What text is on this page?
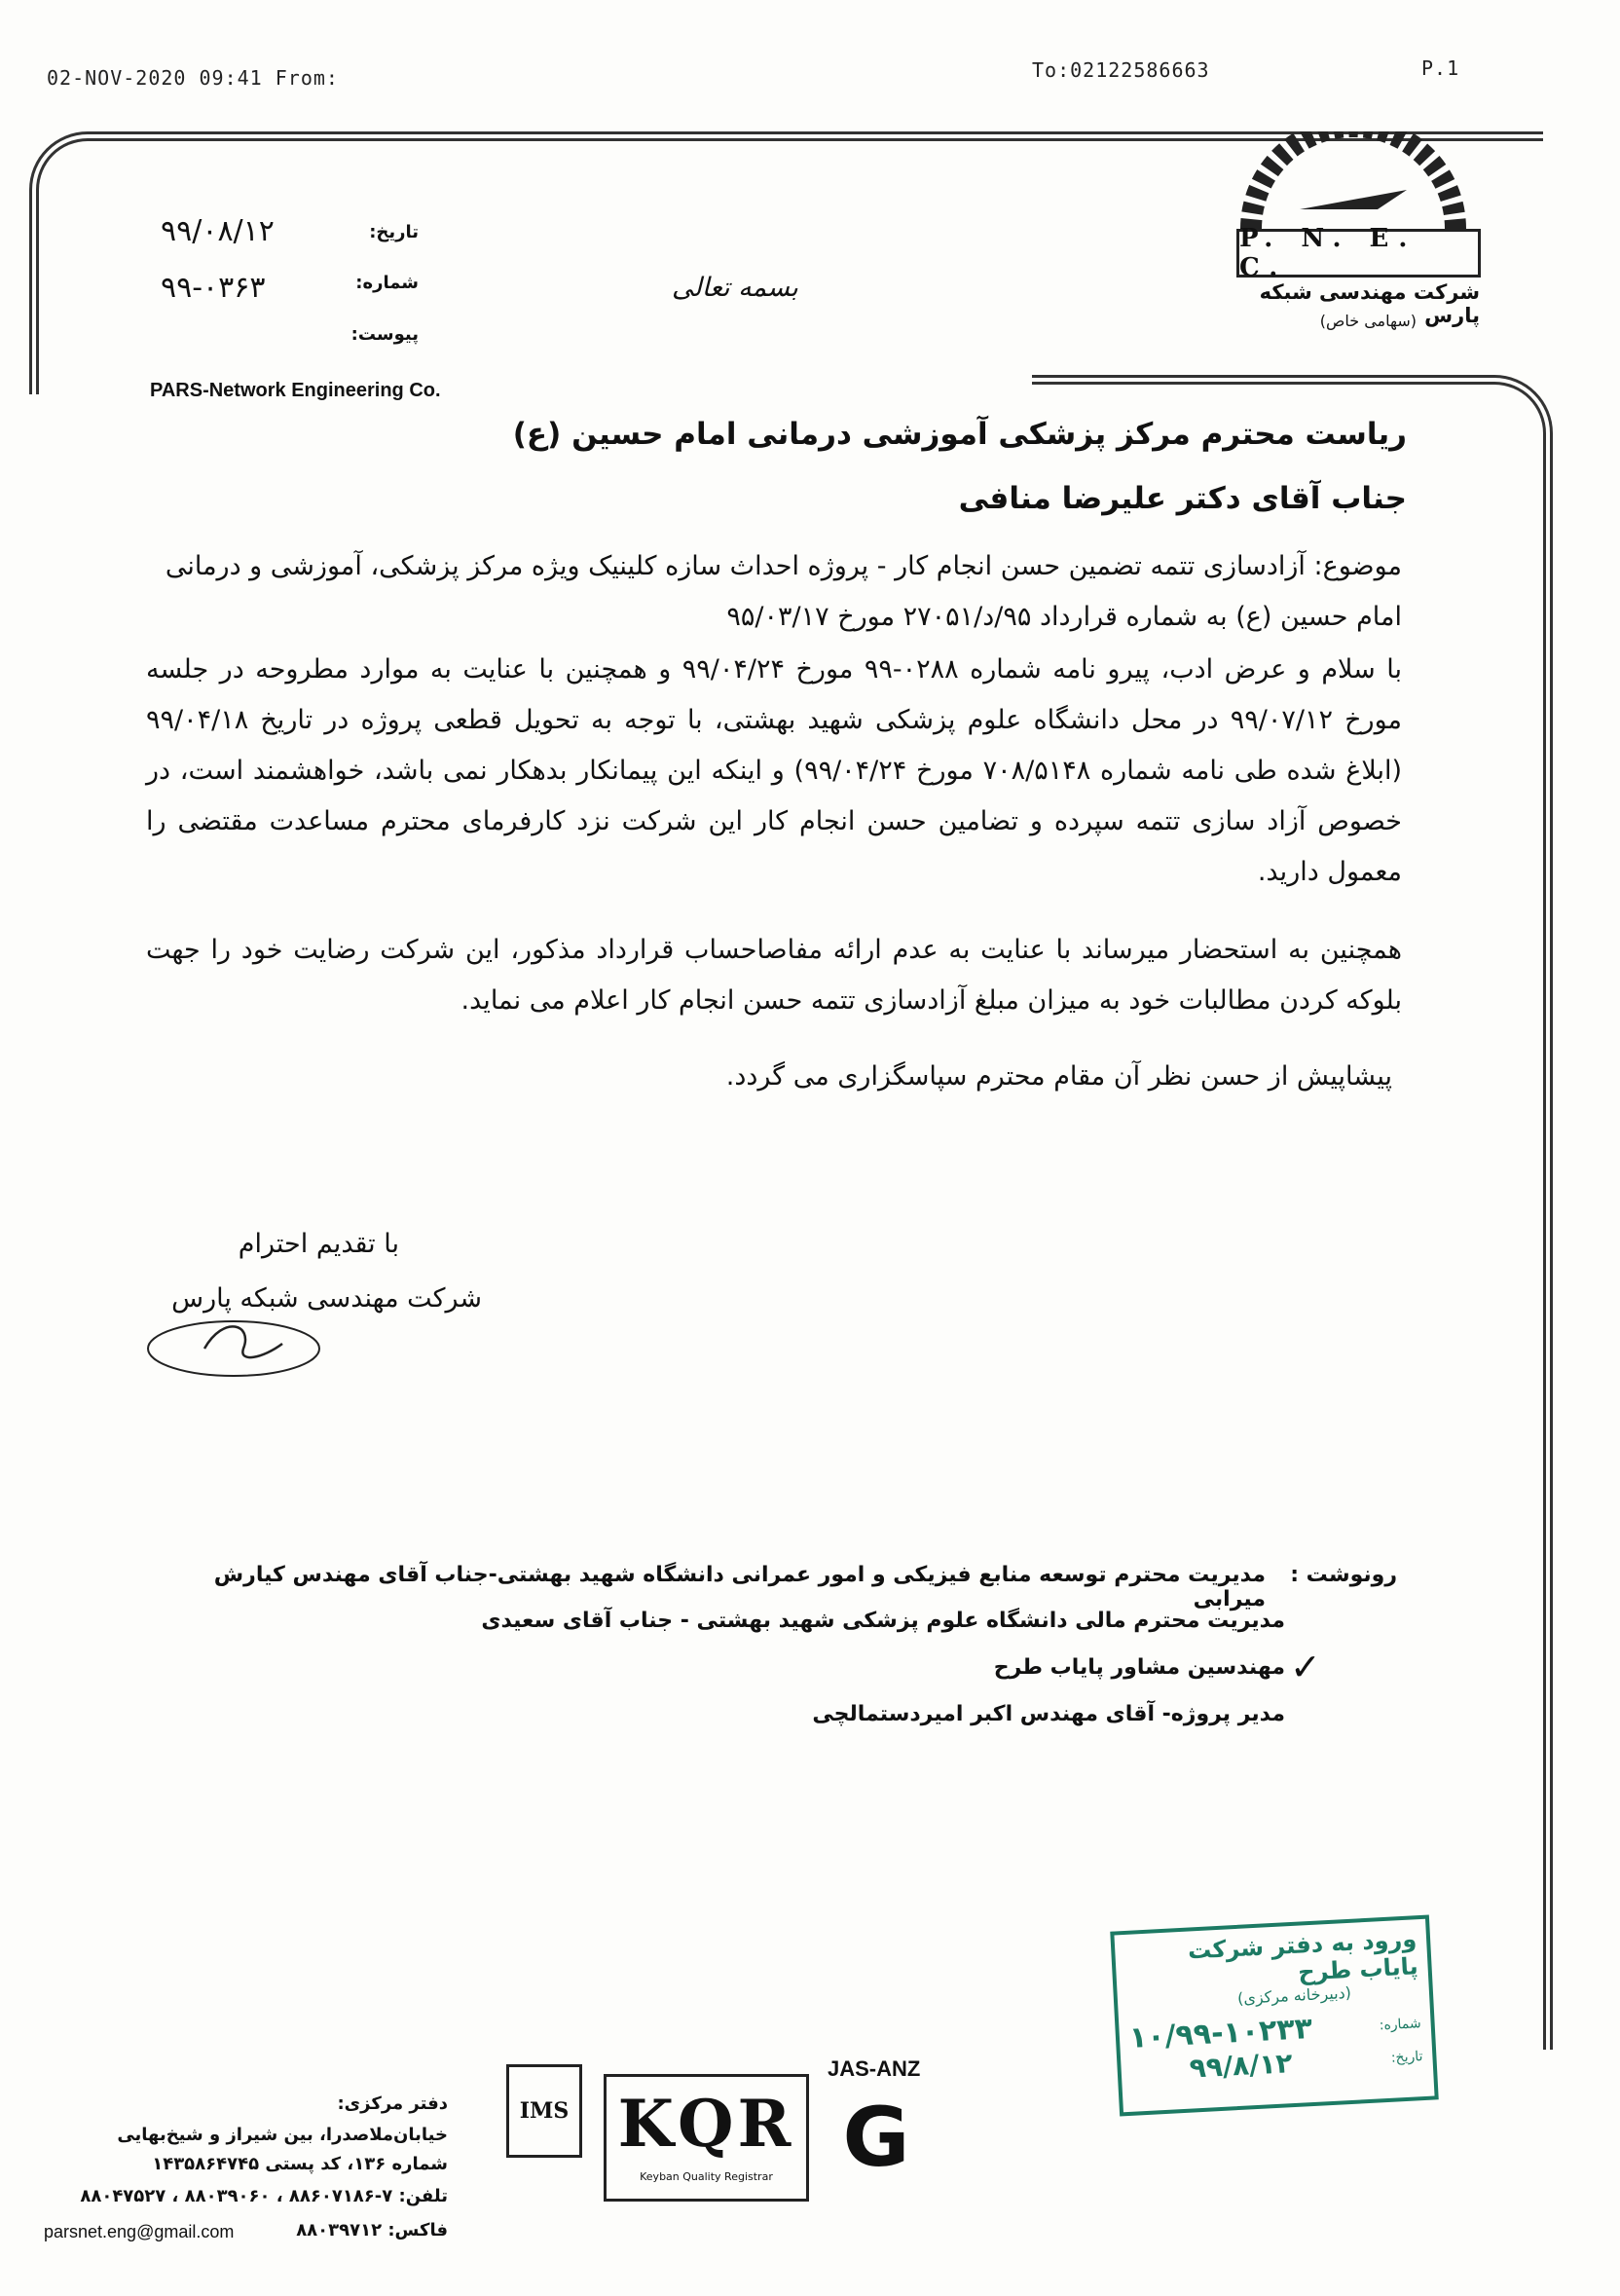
02-NOV-2020 09:41 From:	To:02122586663	P.1
P. N. E. C.
شرکت مهندسی شبکه پارس
(سهامی خاص)
PARS-Network Engineering Co.
بسمه تعالی
تاریخ:
۹۹/۰۸/۱۲
شماره:
۹۹-۰۳۶۳
پیوست:
ریاست محترم مرکز پزشکی آموزشی درمانی امام حسین (ع)
جناب آقای دکتر علیرضا منافی
موضوع: آزادسازی تتمه تضمین حسن انجام کار - پروژه احداث سازه کلینیک ویژه مرکز پزشکی، آموزشی و درمانی امام حسین (ع) به شماره قرارداد ۹۵/د/۲۷۰۵۱ مورخ ۹۵/۰۳/۱۷
با سلام و عرض ادب، پیرو نامه شماره ۰۲۸۸-۹۹ مورخ ۹۹/۰۴/۲۴ و همچنین با عنایت به موارد مطروحه در جلسه مورخ ۹۹/۰۷/۱۲ در محل دانشگاه علوم پزشکی شهید بهشتی، با توجه به تحویل قطعی پروژه در تاریخ ۹۹/۰۴/۱۸ (ابلاغ شده طی نامه شماره ۷۰۸/۵۱۴۸ مورخ ۹۹/۰۴/۲۴) و اینکه این پیمانکار بدهکار نمی باشد، خواهشمند است، در خصوص آزاد سازی تتمه سپرده و تضامین حسن انجام کار این شرکت نزد کارفرمای محترم مساعدت مقتضی را معمول دارید.
همچنین به استحضار میرساند با عنایت به عدم ارائه مفاصاحساب قرارداد مذکور، این شرکت رضایت خود را جهت بلوکه کردن مطالبات خود به میزان مبلغ آزادسازی تتمه حسن انجام کار اعلام می نماید.
پیشاپیش از حسن نظر آن مقام محترم سپاسگزاری می گردد.
با تقدیم احترام
شرکت مهندسی شبکه پارس
رونوشت :
مدیریت محترم توسعه منابع فیزیکی و امور عمرانی دانشگاه شهید بهشتی-جناب آقای مهندس کیارش میرابی
مدیریت محترم مالی دانشگاه علوم پزشکی شهید بهشتی - جناب آقای سعیدی
مهندسین مشاور پایاب طرح ✓
مدیر پروژه- آقای مهندس اکبر امیردستمالچی
ورود به دفتر شرکت پایاب طرح
(دبیرخانه مرکزی)
شماره:
۱۰/۹۹-۱۰۲۳۳
تاریخ:
۹۹/۸/۱۲
IMS KQR
Keyban Quality Registrar
JAS-ANZ
G
دفتر مرکزی:
خیابان‌ملاصدرا، بین شیراز و شیخ‌بهایی
شماره ۱۳۶، کد پستی ۱۴۳۵۸۶۴۷۴۵
تلفن: ۷-۸۸۶۰۷۱۸۶ ، ۸۸۰۳۹۰۶۰ ، ۸۸۰۴۷۵۲۷
فاکس: ۸۸۰۳۹۷۱۲
parsnet.eng@gmail.com
